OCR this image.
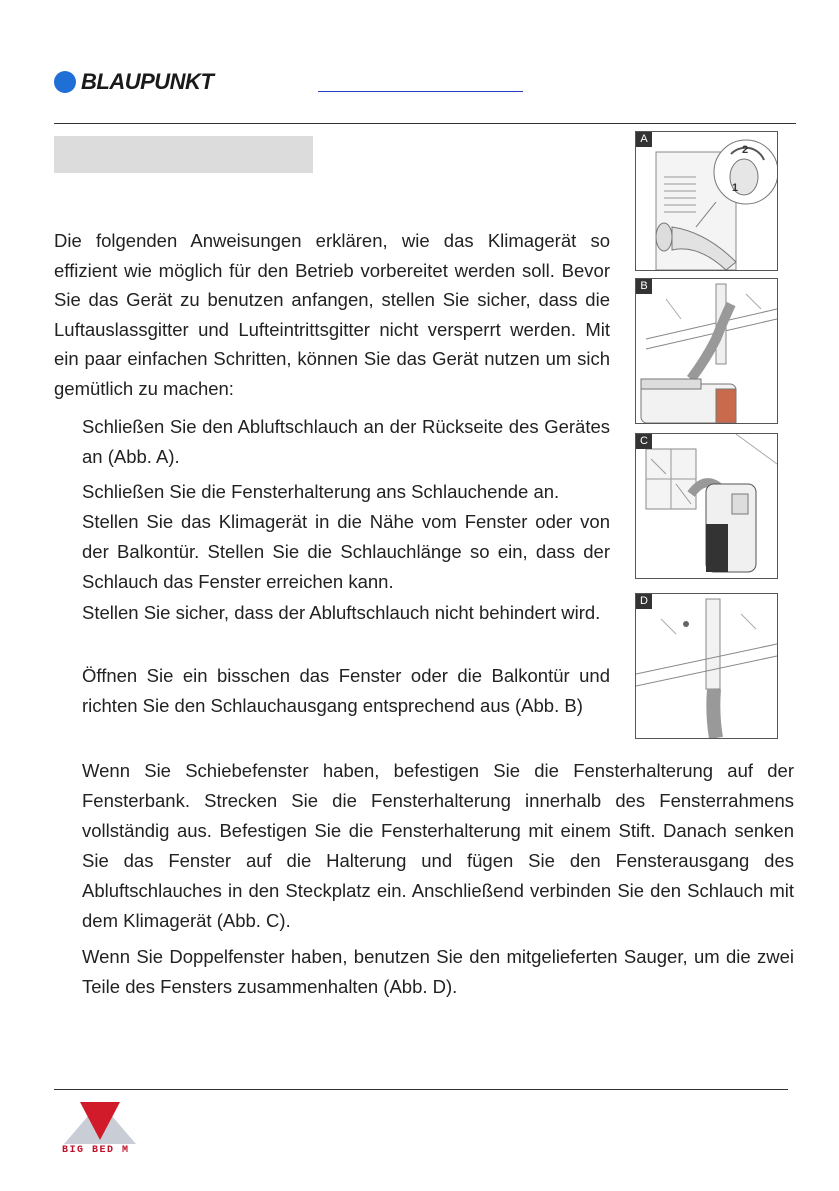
BLAUPUNKT
Die folgenden Anweisungen erklären, wie das Klimagerät so effizient wie möglich für den Betrieb vorbereitet werden soll. Bevor Sie das Gerät zu benutzen anfangen, stellen Sie sicher, dass die Luftauslassgitter und Lufteintrittsgitter nicht versperrt werden. Mit ein paar einfachen Schritten, können Sie das Gerät nutzen um sich gemütlich zu machen:
Schließen Sie den Abluftschlauch an der Rückseite des Gerätes an (Abb. A).
Schließen Sie die Fensterhalterung ans Schlauchende an.
Stellen Sie das Klimagerät in die Nähe vom Fenster oder von der Balkontür. Stellen Sie die Schlauchlänge so ein, dass der Schlauch das Fenster erreichen kann.
Stellen Sie sicher, dass der Abluftschlauch nicht behindert wird.
Öffnen Sie ein bisschen das Fenster oder die Balkontür und richten Sie den Schlauchausgang entsprechend aus (Abb. B)
Wenn Sie Schiebefenster haben, befestigen Sie die Fensterhalterung auf der Fensterbank. Strecken Sie die Fensterhalterung innerhalb des Fensterrahmens vollständig aus. Befestigen Sie die Fensterhalterung mit einem Stift. Danach senken Sie das Fenster auf die Halterung und fügen Sie den Fensterausgang des Abluftschlauches in den Steckplatz ein. Anschließend verbinden Sie den Schlauch mit dem Klimagerät (Abb. C).
Wenn Sie Doppelfenster haben, benutzen Sie den mitgelieferten Sauger, um die zwei Teile des Fensters zusammenhalten (Abb. D).
A
2
1
B
C
D
BIG BED M
